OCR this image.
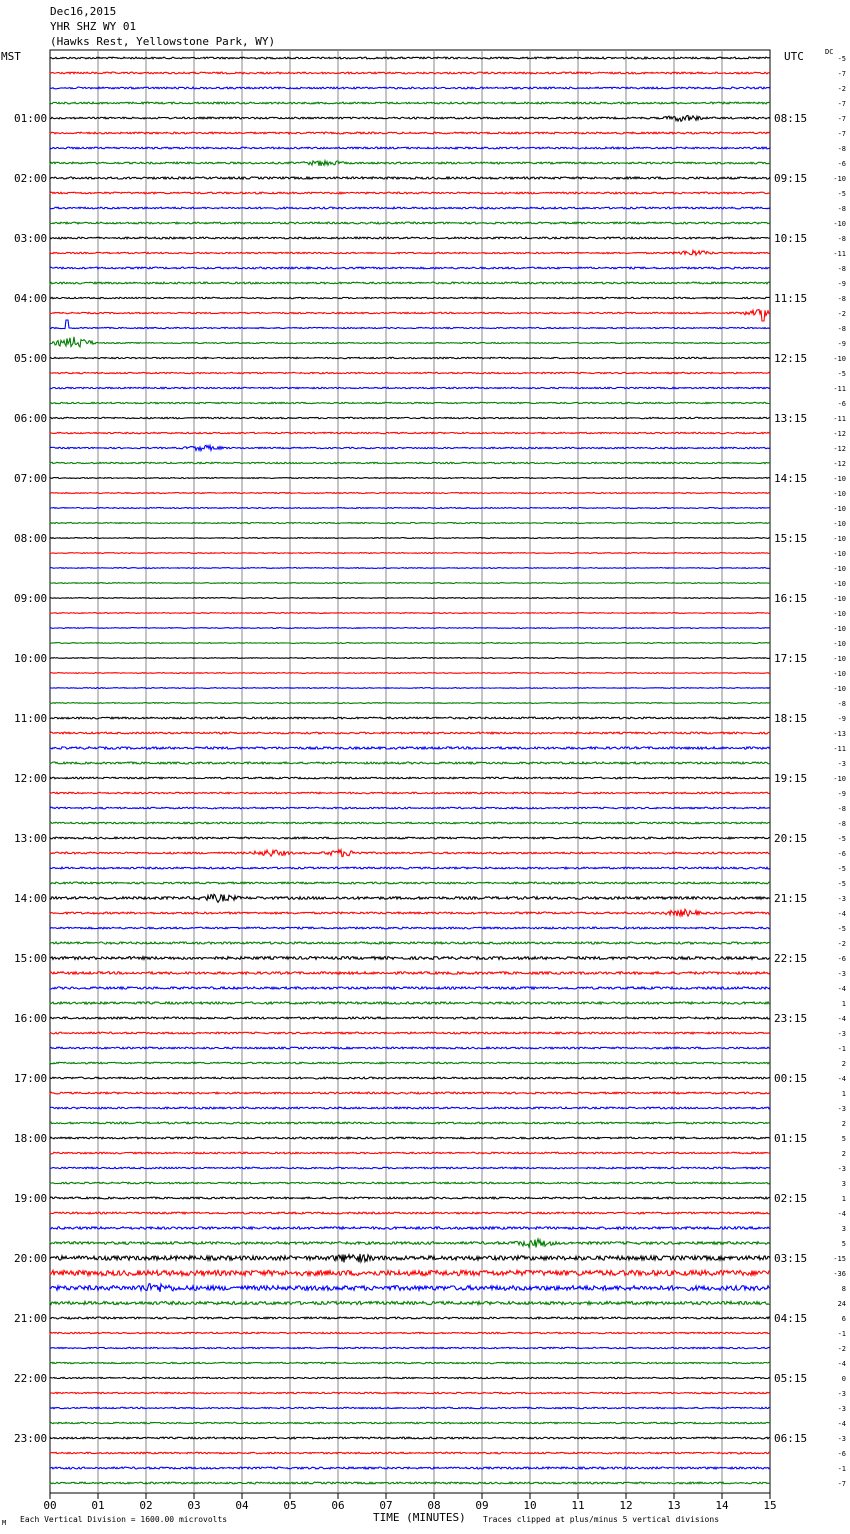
Dec16,2015
YHR SHZ WY 01
(Hawks Rest, Yellowstone Park, WY)
MST	UTC	DC
-5
-7
-2
-7
-7
-7
-8
-6
-10
-5
-8
-10
-8
-11
-8
-9
-8
-2
-8
-9
-10
-5
-11
-6
-11
-12
-12
-12
-10
-10
-10
-10
-10
-10
-10
-10
-10
-10
-10
-10
-10
-10
-10
-8
-9
-13
-11
-3
-10
-9
-8
-8
-5
-6
-5
-5
-3
-4
-5
-2
-6
-3
-4
1
-4
-3
-1
2
-4
1
-3
2
5
2
-3
3
1
-4
3
5
-15
-36
8
24
6
-1
-2
-4
0
-3
-3
-4
-3
-6
-1
-7
01:00	08:15
02:00	09:15
03:00	10:15
04:00	11:15
05:00	12:15
06:00	13:15
07:00	14:15
08:00	15:15
09:00	16:15
10:00	17:15
11:00	18:15
12:00	19:15
13:00	20:15
14:00	21:15
15:00	22:15
16:00	23:15
17:00	00:15
18:00	01:15
19:00	02:15
20:00	03:15
21:00	04:15
22:00	05:15
23:00	06:15
00	01	02	03	04	05	06	07	08	09	10	11	12	13	14	15
TIME (MINUTES)
M Each Vertical Division = 1600.00 microvolts	Traces clipped at plus/minus 5 vertical divisions
